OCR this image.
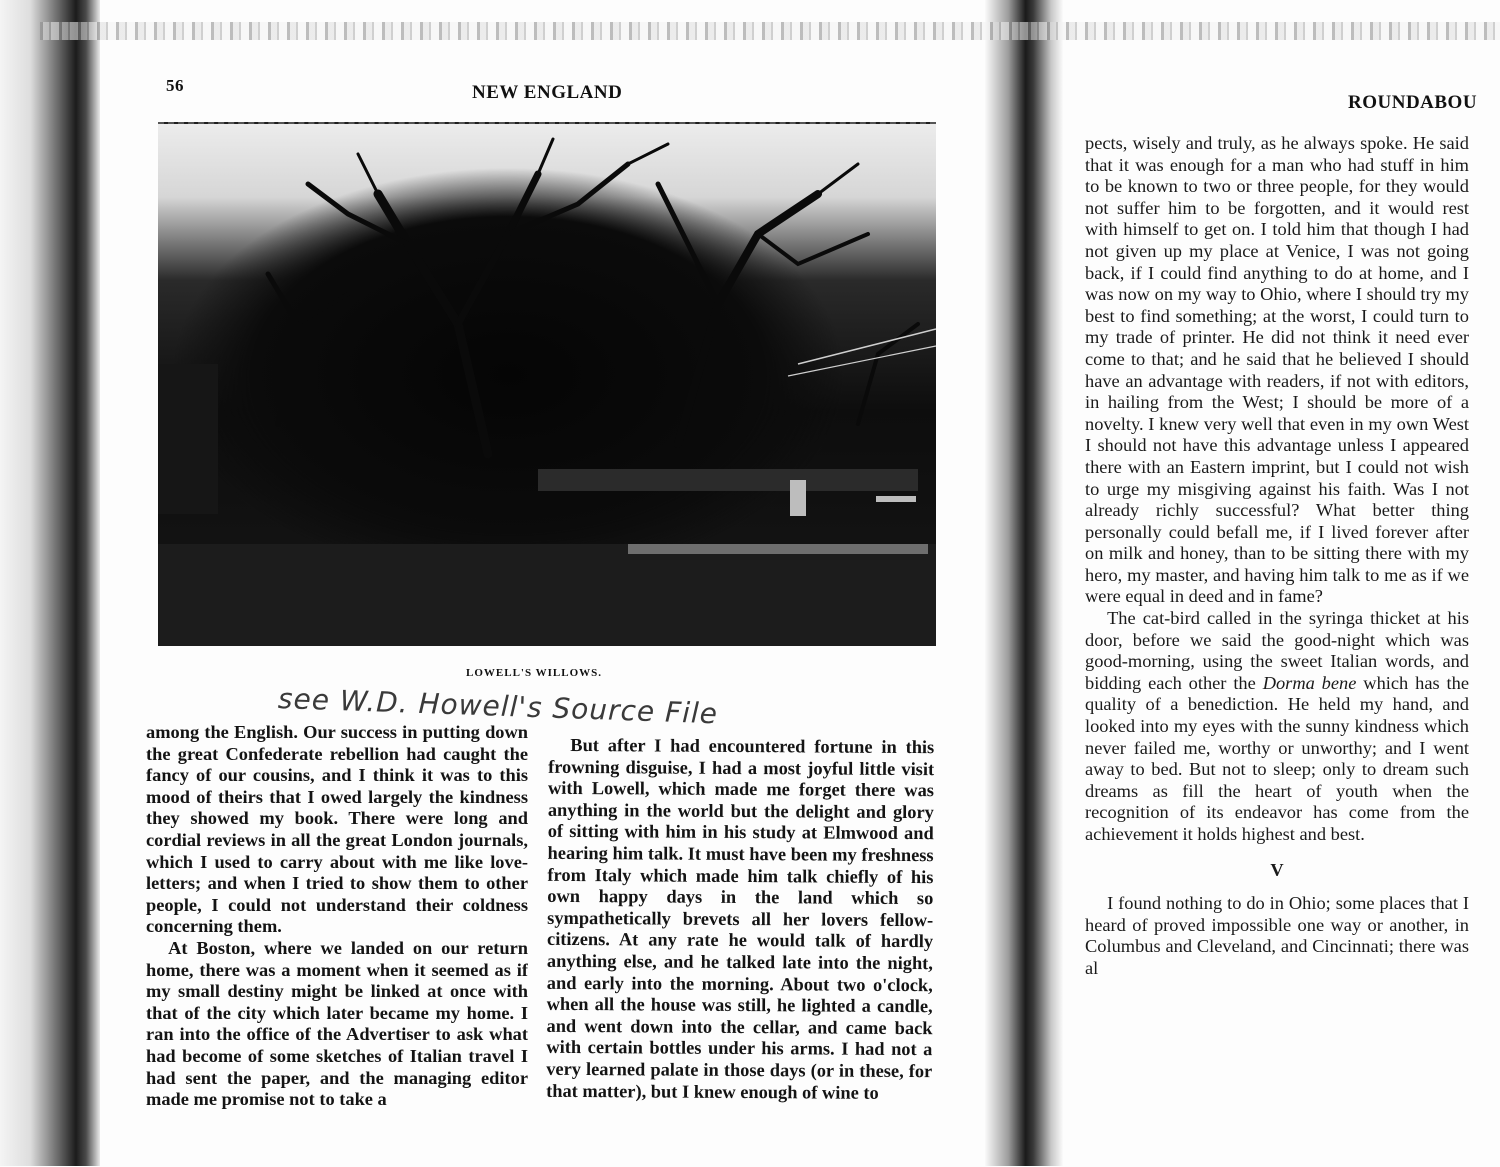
56	NEW ENGLAND	ROUNDABOU
LOWELL'S WILLOWS.
see W.D. Howell's Source File

among the English. Our success in putting down the great Confederate rebellion had caught the fancy of our cousins, and I think it was to this mood of theirs that I owed largely the kindness they showed my book. There were long and cordial reviews in all the great London journals, which I used to carry about with me like love-letters; and when I tried to show them to other people, I could not understand their coldness concerning them.

At Boston, where we landed on our return home, there was a moment when it seemed as if my small destiny might be linked at once with that of the city which later became my home. I ran into the office of the Advertiser to ask what had become of some sketches of Italian travel I had sent the paper, and the managing editor made me promise not to take a

But after I had encountered fortune in this frowning disguise, I had a most joyful little visit with Lowell, which made me forget there was anything in the world but the delight and glory of sitting with him in his study at Elmwood and hearing him talk. It must have been my freshness from Italy which made him talk chiefly of his own happy days in the land which so sympathetically brevets all her lovers fellow-citizens. At any rate he would talk of hardly anything else, and he talked late into the night, and early into the morning. About two o'clock, when all the house was still, he lighted a candle, and went down into the cellar, and came back with certain bottles under his arms. I had not a very learned palate in those days (or in these, for that matter), but I knew enough of wine to

pects, wisely and truly, as he always spoke. He said that it was enough for a man who had stuff in him to be known to two or three people, for they would not suffer him to be forgotten, and it would rest with himself to get on. I told him that though I had not given up my place at Venice, I was not going back, if I could find anything to do at home, and I was now on my way to Ohio, where I should try my best to find something; at the worst, I could turn to my trade of printer. He did not think it need ever come to that; and he said that he believed I should have an advantage with readers, if not with editors, in hailing from the West; I should be more of a novelty. I knew very well that even in my own West I should not have this advantage unless I appeared there with an Eastern imprint, but I could not wish to urge my misgiving against his faith. Was I not already richly successful? What better thing personally could befall me, if I lived forever after on milk and honey, than to be sitting there with my hero, my master, and having him talk to me as if we were equal in deed and in fame?

The cat-bird called in the syringa thicket at his door, before we said the good-night which was good-morning, using the sweet Italian words, and bidding each other the Dorma bene which has the quality of a benediction. He held my hand, and looked into my eyes with the sunny kindness which never failed me, worthy or unworthy; and I went away to bed. But not to sleep; only to dream such dreams as fill the heart of youth when the recognition of its endeavor has come from the achievement it holds highest and best.

V

I found nothing to do in Ohio; some places that I heard of proved impossible one way or another, in Columbus and Cleveland, and Cincinnati; there was al
